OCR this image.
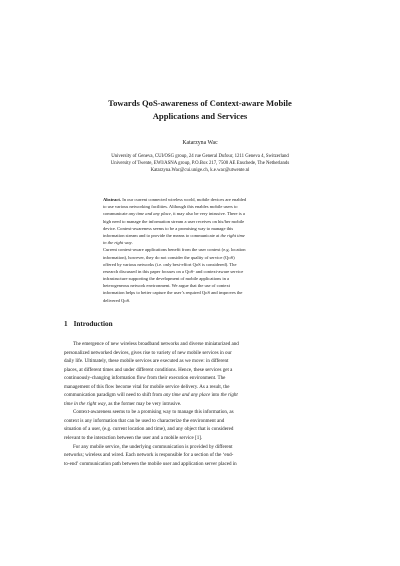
Towards QoS-awareness of Context-aware Mobile
Applications and Services
Katarzyna Wac
University of Geneva, CUI/OSG group, 24 rue General Dufour, 1211 Geneva 4, Switzerland
University of Twente, EWI/ASNA group, P.O.Box 217, 7500 AE Enschede, The Netherlands
Katarzyna.Wac@cui.unige.ch, k.e.wac@utwente.nl
Abstract. In our current connected wireless world, mobile devices are enabled
to use various networking facilities. Although this enables mobile users to
communicate any time and any place, it may also be very intrusive. There is a
high need to manage the information stream a user receives on his/her mobile
device. Context-awareness seems to be a promising way to manage this
information stream and to provide the means to communicate at the right time
in the right way.
Current context-aware applications benefit from the user context (e.g. location
information), however, they do not consider the quality of service (QoS)
offered by various networks (i.e. only best-effort QoS is considered). The
research discussed in this paper focuses on a QoS- and context-aware service
infrastructure supporting the development of mobile applications in a
heterogeneous network environment. We argue that the use of context
information helps to better capture the user’s required QoS and improves the
delivered QoS.
1 Introduction
The emergence of new wireless broadband networks and diverse miniaturized and
personalized networked devices, gives rise to variety of new mobile services in our
daily life. Ultimately, these mobile services are executed as we move: in different
places, at different times and under different conditions. Hence, these services get a
continuously-changing information flow from their execution environment. The
management of this flow become vital for mobile service delivery. As a result, the
communication paradigm will need to shift from any time and any place into the right
time in the right way, as the former may be very intrusive.
Context-awareness seems to be a promising way to manage this information, as
context is any information that can be used to characterize the environment and
situation of a user, (e.g. current location and time), and any object that is considered
relevant to the interaction between the user and a mobile service [1].
For any mobile service, the underlying communication is provided by different
networks; wireless and wired. Each network is responsible for a section of the ‘end-
to-end’ communication path between the mobile user and application server placed in
